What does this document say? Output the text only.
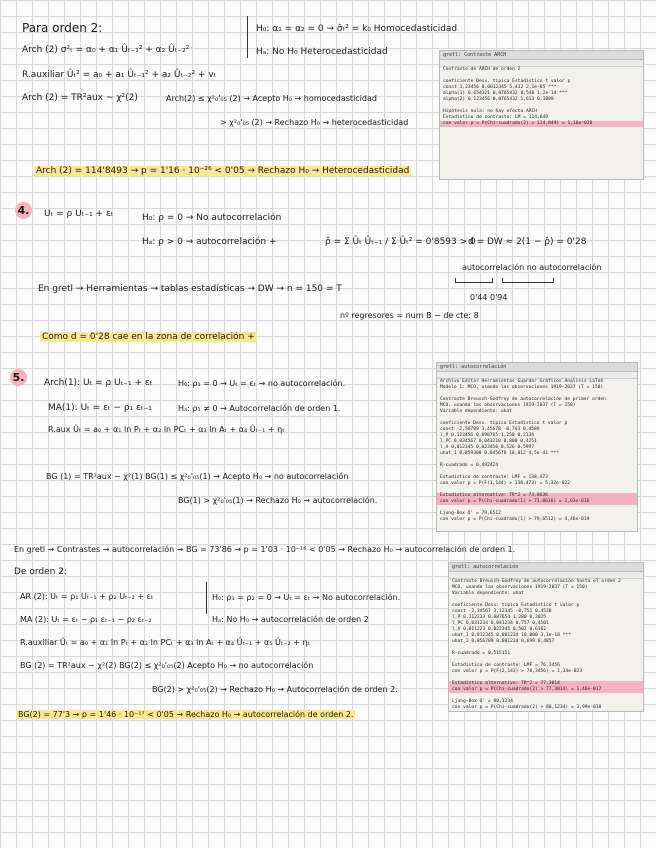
Para orden 2:	H₀: α₁ = α₂ = 0 → σ̂ₜ² = k₀ Homocedasticidad
Hₐ: No H₀ Heterocedasticidad
Arch (2) σ²ₜ = α₀ + α₁ Ûₜ₋₁² + α₂ Ûₜ₋₂²
R.auxiliar Ûₜ² = a₀ + a₁ Ûₜ₋₁² + a₂ Ûₜ₋₂² + vₜ
Arch (2) = TR²aux ~ χ²(2)	Arch(2) ≤ χ²₀'₀₅ (2) → Acepto H₀ → homocedasticidad
> χ²₀'₀₅ (2) → Rechazo H₀ → heterocedasticidad
Arch (2) = 114'8493 → p = 1'16 · 10⁻²⁶ < 0'05 → Rechazo H₀ → Heterocedasticidad
gretl: Contraste ARCH
Contraste de ARCH de orden 2

coeficiente Desv. típica Estadístico t valor p
const 1,23456 0,0012345 5,432 2,1e-05 ***
alpha(1) 0,654321 0,0765432 8,548 1,2e-14 ***
alpha(2) 0,123456 0,0765432 1,613 0,1089

Hipótesis nula: no hay efecto ARCH
Estadístico de contraste: LM = 114,849
con valor p = P(Chi-cuadrado(2) > 114,849) = 1,16e-026
4. Uₜ = ρ Uₜ₋₁ + εₜ	H₀: ρ = 0 → No autocorrelación
Hₐ: ρ > 0 → autocorrelación +	ρ̂ = Σ Ûₜ Ûₜ₋₁ / Σ Ûₜ² = 0'8593 > 0
d = DW ≈ 2(1 − ρ̂) = 0'28
autocorrelación no autocorrelación
0'44 0'94
En gretl → Herramientas → tablas estadísticas → DW → n = 150 = T
nº regresores = num B − de cte: 8
Como d = 0'28 cae en la zona de correlación +
5. Arch(1): Uₜ = ρ Uₜ₋₁ + εₜ	H₀: ρ₁ = 0 → Uₜ = εₜ → no autocorrelación.
MA(1): Uₜ = εₜ − ρ₁ εₜ₋₁	Hₐ: ρ₁ ≠ 0 → Autocorrelación de orden 1.
R.aux Ûₜ = a₀ + α₁ ln Pₜ + α₂ ln PCₜ + α₃ ln Aₜ + α₄ Ûₜ₋₁ + ηₜ
BG (1) = TR²aux ~ χ²(1) BG(1) ≤ χ²₀'₀₅(1) → Acepto H₀ → no autocorrelación
BG(1) > χ²₀'₀₅(1) → Rechazo H₀ → autocorrelación.
gretl: autocorrelación
Archivo Editar Herramientas Guardar Gráficos Análisis LaTeX
Modelo 1: MCO, usando las observaciones 1919-2037 (T = 150)

Contraste Breusch-Godfrey de autocorrelación de primer orden
MCO, usando las observaciones 1919-2037 (T = 150)
Variable dependiente: uhat

coeficiente Desv. típica Estadístico t valor p
const -2,56789 3,45678 -0,743 0,4589
l_P 0,123456 0,098765 1,250 0,2134
l_PC 0,034567 0,043210 0,800 0,4251
l_A 0,012345 0,023456 0,526 0,5997
uhat_1 0,859300 0,045678 18,812 4,5e-41 ***

R-cuadrado = 0,492424

Estadístico de contraste: LMF = 138,473
con valor p = P(F(1,144) > 138,473) = 5,32e-022

Estadístico alternativo: TR^2 = 73,8636
con valor p = P(Chi-cuadrado(1) > 73,8636) = 1,03e-016

Ljung-Box Q' = 79,6512
con valor p = P(Chi-cuadrado(1) > 79,6512) = 4,46e-019
En gretl → Contrastes → autocorrelación → BG = 73'86 → p = 1'03 · 10⁻¹⁶ < 0'05 → Rechazo H₀ → autocorrelación de orden 1.
De orden 2:
AR (2): Uₜ = ρ₁ Uₜ₋₁ + ρ₂ Uₜ₋₂ + εₜ	H₀: ρ₁ = ρ₂ = 0 → Uₜ = εₜ → No autocorrelación.
MA (2): Uₜ = εₜ − ρ₁ εₜ₋₁ − ρ₂ εₜ₋₂	Hₐ: No H₀ → autocorrelación de orden 2
R.auxiliar Ûₜ = a₀ + α₁ ln Pₜ + α₂ ln PCₜ + α₃ ln Aₜ + α₄ Ûₜ₋₁ + α₅ Ûₜ₋₂ + ηₜ
BG (2) = TR²aux ~ χ²(2) BG(2) ≤ χ²₀'₀₅(2) Acepto H₀ → no autocorrelación
BG(2) > χ²₀'₀₅(2) → Rechazo H₀ → Autocorrelación de orden 2.
BG(2) = 77'3 → p = 1'46 · 10⁻¹⁷ < 0'05 → Rechazo H₀ → autocorrelación de orden 2.
gretl: autocorrelación
Contraste Breusch-Godfrey de autocorrelación hasta el orden 2
MCO, usando las observaciones 1919-2037 (T = 150)
Variable dependiente: uhat

coeficiente Desv. típica Estadístico t valor p
const -2,34567 3,12345 -0,751 0,4538
l_P 0,112233 0,087654 1,280 0,2025
l_PC 0,031234 0,041234 0,757 0,4501
l_A 0,011223 0,022345 0,502 0,6162
uhat_1 0,812345 0,081234 10,000 3,1e-18 ***
uhat_2 0,056789 0,081234 0,699 0,4857

R-cuadrado = 0,515151

Estadístico de contraste: LMF = 76,3456
con valor p = P(F(2,143) > 76,3456) = 1,34e-023

Estadístico alternativo: TR^2 = 77,3014
con valor p = P(Chi-cuadrado(2) > 77,3014) = 1,46e-017

Ljung-Box Q' = 80,1234
con valor p = P(Chi-cuadrado(2) > 80,1234) = 3,99e-018
